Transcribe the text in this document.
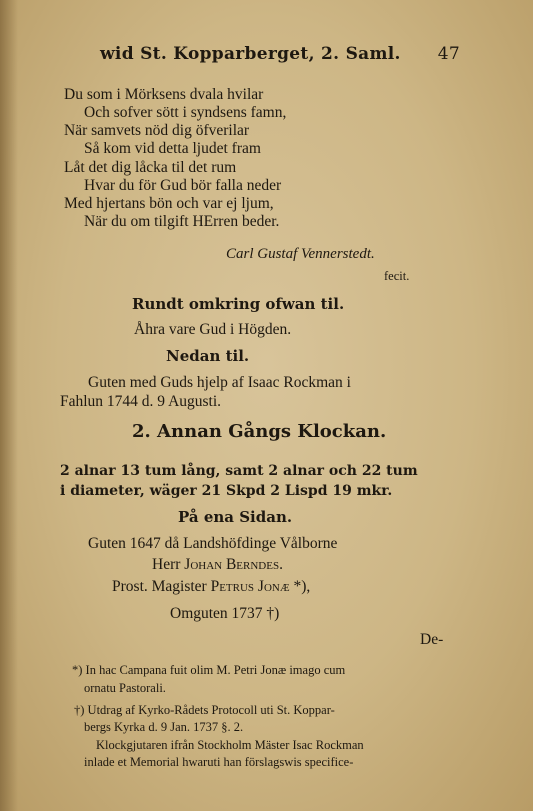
wid St. Kopparberget, 2. Saml. 47
Du som i Mörksens dvala hvilar
Och sofver sött i syndsens famn,
När samvets nöd dig öfverilar
Så kom vid detta ljudet fram
Låt det dig låcka til det rum
Hvar du för Gud bör falla neder
Med hjertans bön och var ej ljum,
När du om tilgift HErren beder.
Carl Gustaf Vennerstedt.
fecit.
Rundt omkring ofwan til.
Åhra vare Gud i Högden.
Nedan til.
Guten med Guds hjelp af Isaac Rockman i
Fahlun 1744 d. 9 Augusti.
2. Annan Gångs Klockan.
2 alnar 13 tum lång, samt 2 alnar och 22 tum
i diameter, wäger 21 Skpd 2 Lispd 19 mkr.
På ena Sidan.
Guten 1647 då Landshöfdinge Vålborne
Herr Johan Berndes.
Prost. Magister Petrus Jonæ *),
Omguten 1737 †)
De-
*) In hac Campana fuit olim M. Petri Jonæ imago cum
ornatu Pastorali.
†) Utdrag af Kyrko-Rådets Protocoll uti St. Koppar-
bergs Kyrka d. 9 Jan. 1737 §. 2.
Klockgjutaren ifrån Stockholm Mäster Isac Rockman
inlade et Memorial hwaruti han förslagswis specifice-
